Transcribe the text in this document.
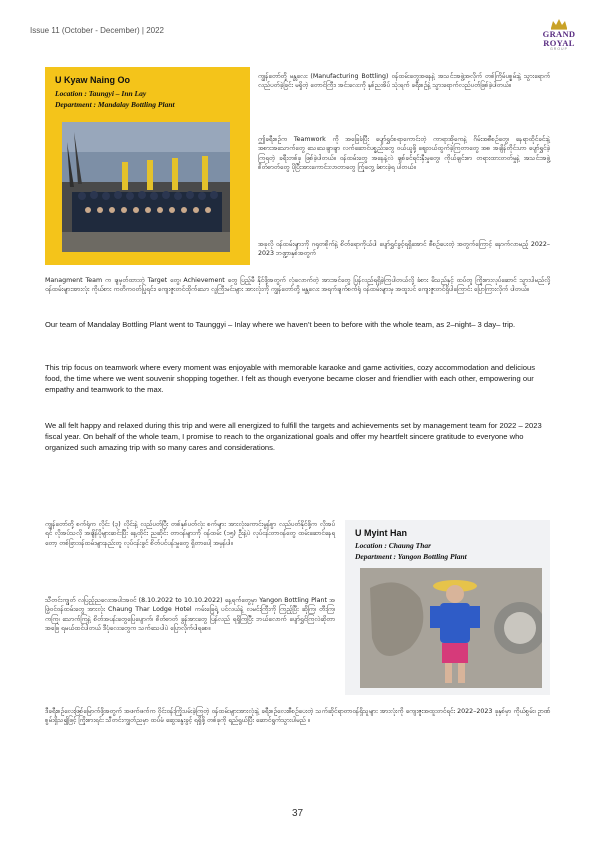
Issue 11 (October - December) | 2022	GRAND
ROYAL
GROUP
U Kyaw Naing Oo
Location : Taungyi – Inn Lay
Department : Mandalay Bottling Plant

ကျွန်တော်တို့ မန္တလေး (Manufacturing Bottling) ဝန်ထမ်းတွေအနေနဲ့ အသင်းအဖွဲ့အလိုက် တစ်ကြိမ်ပစ္စမ်းနဲ့ သွားရောက်လည်ပတ်ခဲ့ခြင်း မရှိတဲ့ တောင်ကြီး၊ အင်းလေးကို နှစ်ညအိပ် သုံးရက် ခရီးစဉ်နဲ့ သွားရောက်လည်ပတ်ဖြစ်ခဲ့ပါတယ်။

ဤခရီးစဉ်က Teamwork ကို အခြေခံပြီး ပျော်ရွှင်စရာကောင်းတဲ့ ကာရာအိုကေနဲ့ ဂိမ်းအစီစဉ်တွေ၊ နေရာထိုင်ခင်းနဲ့ အစားအသောက်တွေ သေသေချာချာ လက်ဆောင်ပစ္စည်းတွေ ဝယ်ယူဖို့ ဈေးဝယ်ထွက်ခဲ့ကြတာတွေ အစ အချိန်တိုင်းဟာ ပျော်ရွှင်ခဲ့ကြရတဲ့ ခရီးတစ်ခု ဖြစ်ခဲ့ပါတယ်။ ဝန်ထမ်းတွေ အနေနဲ့လဲ ချစ်ခင်ရင်းနှီးမှုတွေ၊ ကိုယ်ချင်းစာ တရားထားတတ်မှုနဲ့ အသင်းအဖွဲ့စိတ်ဓာတ်တွေ ပိုပြီးအားကောင်းလာတာတွေ ကြုံတွေ့ ခံစားခဲ့ရ ပါတယ်။

အခုလို ဝန်ထမ်းများကို ဂရုတစိုက်နဲ့ စိတ်ရောကိုယ်ပါ ပျော်ရွှင်ခွင့်ရရှိအောင် စီစဉ်ပေးတဲ့ အတွက်ကြောင့် နောက်လာမည့် 2022–2023 ဘဏ္ဍာနှစ်အတွက်

Managment Team က ချမှတ်ထားတဲ့ Target တွေ၊ Achievement တွေ ပြည့်မီ နိုင်ဖို့အတွက် လုံလောက်တဲ့ အားအင်တွေ ပြန်လည်ရရှိခဲ့ကြပါတယ်လို့ ခံစား မိသည်နှင့် ထပ်တူ ကြိုးစားလုပ်ဆောင် သွားပါမည်လို့ ဝန်ထမ်းများအားလုံး ကိုယ်စား ကတိကဝတ်ပြုရင်း၊ ကျေးဇူးတင်ထိုက်သော လူကြီးမင်းများ အားလုံးကို ကျွန်တော်တို့ မန္တလေး အရက်ချက်စက်ရုံ ဝန်ထမ်းများမှ အထူးပင် ကျေးဇူးတင်ရှိပါကြောင်း ပြောကြားလိုက် ပါတယ်။

Our team of Mandalay Bottling Plant went to Taunggyi – Inlay where we haven’t been to before with the whole team, as 2–night– 3 day– trip.

This trip focus on teamwork where every moment was enjoyable with memorable karaoke and game activities, cozy accommodation and delicious food, the time where we went souvenir shopping together. I felt as though everyone became closer and friendlier with each other, empowering our empathy and teamwork to the max.

We all felt happy and relaxed during this trip and were all energized to fulfill the targets and achievements set by management team for 2022 – 2023 fiscal year. On behalf of the whole team, I promise to reach to the organizational goals and offer my heartfelt sincere gratitude to everyone who organized such amazing trip with so many cares and considerations.

ကျွန်တော်တို့ စက်ရုံက လိုင်း (၃) လိုင်းနဲ့ လည်ပတ်ပြီး တစ်နှစ်ပတ်လုံး စက်များ အားလုံးကောင်းမွန်စွာ လည်ပတ်နိုင်ဖို့က လိုအပ်ရင် လိုအပ်သလို အချိန်ပိုများဆင်းပြီး နေ့ထိုင်း ညဆိုင်း တာဝန်များကို ဝန်ထမ်း (၁၅) ဦးနဲ့ပဲ လုပ်ငန်းတာဝန်တွေ ထမ်းဆောင်နေရတော့ တစ်ခြားဝန်ထမ်းများနည်းတူ လုပ်ငန်းခွင် စိတ်ပင်ပန်းမှုတွေ ရှိတာပေါ့ အမှန်ပါ။

သီတင်းကျွတ် လပြည့်ညလေးအပါးအဝင် (8.10.2022 to 10.10.2022) နေ့ရက်တွေမှာ Yangon Bottling Plant အဖြဲ့ဝင်ဝန်ထမ်းတွေ အားလုံး Chaung Thar Lodge Hotel ကမ်းခြေရဲ့ ပင်လယ်နဲ့ လမင်းကြီးကို ကြည့်ပြီး ဆိုကြ၊ တီးကြ၊ ကကြ၊ သောက်ကြနဲ့ စိတ်အပန်းတွေပြေပျောက်၊ စိတ်ဓာတ် ခွန်အားတွေ ပြန်လည် ရရှိကြပြီး ဘယ်လောက် ပျော်ရွှင်ကြလဲဆိုတာ အဖြေ ရမယ်ထင်ပါတယ် ဒီပုံလေးတွေက သက်သေပါပဲ ပြောလိုက်ပါရစေ။

ဒီခရီးစဉ်လေးဖြစ်မြောက်ဖို့အတွက် အဖက်ဖက်က ဝိုင်းဝန်းကြိုးပမ်းခဲ့ကြတဲ့ ဝန်ထမ်းများအားလုံးနဲ့ ခရီးစဉ်လေးစီစဉ်ပေးတဲ့ သက်ဆိုင်ရာတာဝန်ရှိသူများ အားလုံးကို ကျေးဇူးအထူးတင်ရင်း 2022–2023 ခုနှစ်မှာ ကိုယ်စွမ်း၊ ဥာဏ်စွမ်းရှိသ၍ဖြင့် ကြိုးစားရင်း သီတင်းကျွတ်ညမှာ ထပ်မံ ဆွေးနွေးခွင့် ရရှိဖို့ တစ်ခုကို ရည်ရွယ်ပြီး ဆောင်ရွက်သွားပါမည် ။

U Myint Han
Location : Chaung Thar
Department : Yangon Bottling Plant
37
